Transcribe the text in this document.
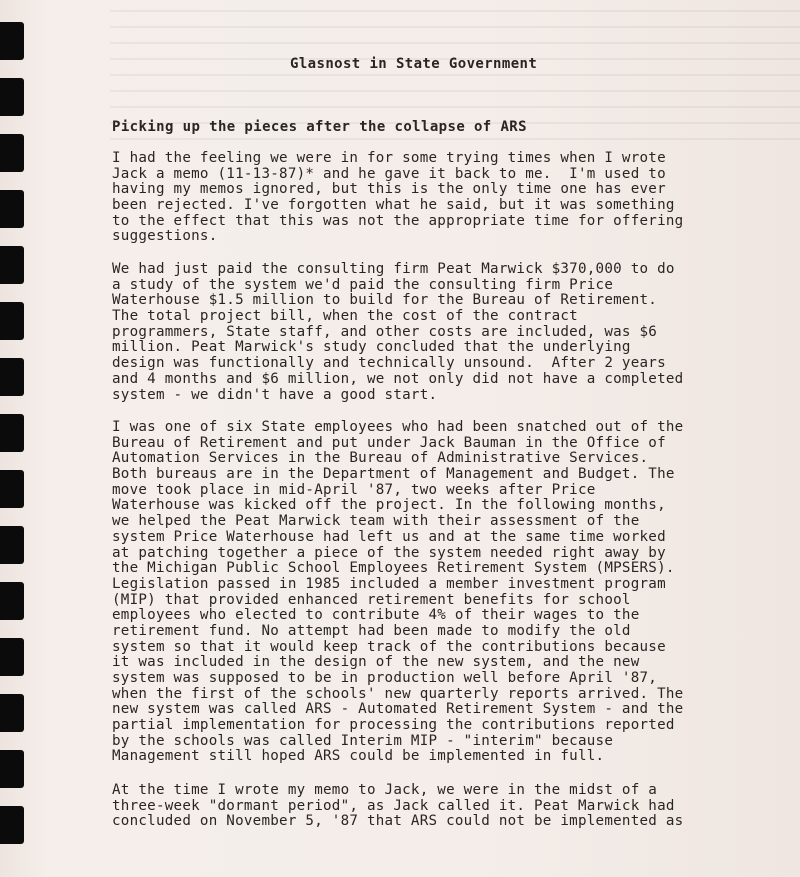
Glasnost in State Government
Picking up the pieces after the collapse of ARS
I had the feeling we were in for some trying times when I wrote
Jack a memo (11-13-87)* and he gave it back to me.  I'm used to
having my memos ignored, but this is the only time one has ever
been rejected. I've forgotten what he said, but it was something
to the effect that this was not the appropriate time for offering
suggestions.
We had just paid the consulting firm Peat Marwick $370,000 to do
a study of the system we'd paid the consulting firm Price
Waterhouse $1.5 million to build for the Bureau of Retirement.
The total project bill, when the cost of the contract
programmers, State staff, and other costs are included, was $6
million. Peat Marwick's study concluded that the underlying
design was functionally and technically unsound.  After 2 years
and 4 months and $6 million, we not only did not have a completed
system - we didn't have a good start.
I was one of six State employees who had been snatched out of the
Bureau of Retirement and put under Jack Bauman in the Office of
Automation Services in the Bureau of Administrative Services.
Both bureaus are in the Department of Management and Budget. The
move took place in mid-April '87, two weeks after Price
Waterhouse was kicked off the project. In the following months,
we helped the Peat Marwick team with their assessment of the
system Price Waterhouse had left us and at the same time worked
at patching together a piece of the system needed right away by
the Michigan Public School Employees Retirement System (MPSERS).
Legislation passed in 1985 included a member investment program
(MIP) that provided enhanced retirement benefits for school
employees who elected to contribute 4% of their wages to the
retirement fund. No attempt had been made to modify the old
system so that it would keep track of the contributions because
it was included in the design of the new system, and the new
system was supposed to be in production well before April '87,
when the first of the schools' new quarterly reports arrived. The
new system was called ARS - Automated Retirement System - and the
partial implementation for processing the contributions reported
by the schools was called Interim MIP - "interim" because
Management still hoped ARS could be implemented in full.
At the time I wrote my memo to Jack, we were in the midst of a
three-week "dormant period", as Jack called it. Peat Marwick had
concluded on November 5, '87 that ARS could not be implemented as
